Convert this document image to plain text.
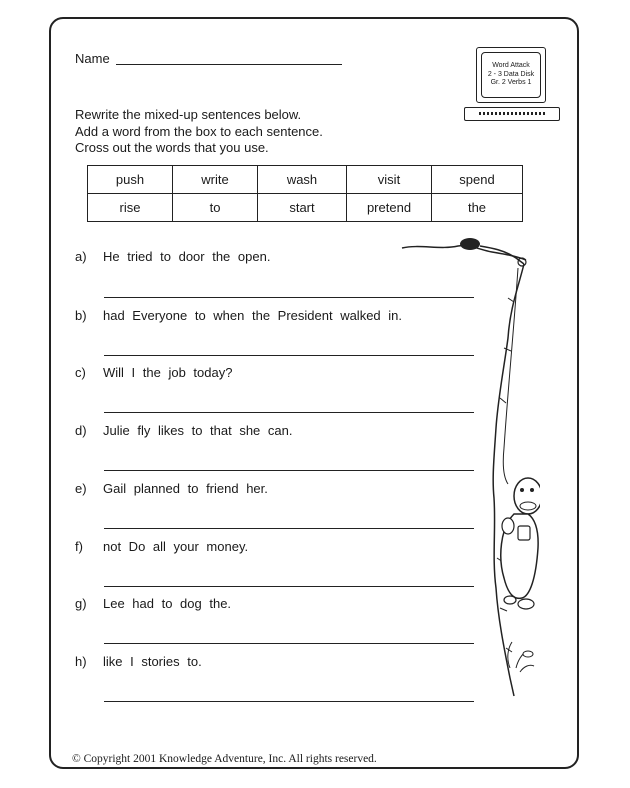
Name	Word Attack
2 - 3 Data Disk
Gr. 2 Verbs 1
Rewrite the mixed-up sentences below.
Add a word from the box to each sentence.
Cross out the words that you use.
push	write	wash	visit	spend
rise	to	start	pretend	the
a) He tried to door the open.
b) had Everyone to when the President walked in.
c) Will I the job today?
d) Julie fly likes to that she can.
e) Gail planned to friend her.
f) not Do all your money.
g) Lee had to dog the.
h) like I stories to.
© Copyright 2001 Knowledge Adventure, Inc. All rights reserved.
